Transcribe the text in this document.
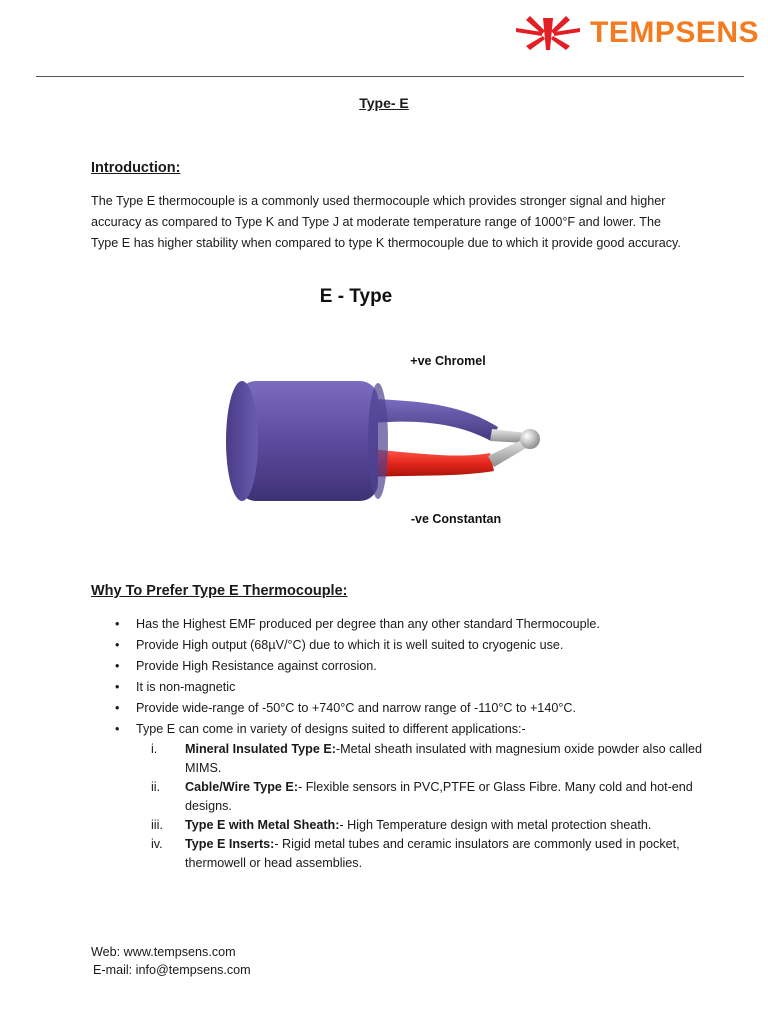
TEMPSENS
Type- E
Introduction:
The Type E thermocouple is a commonly used thermocouple which provides stronger signal and higher accuracy as compared to Type K and Type J at moderate temperature range of 1000°F and lower. The Type E has higher stability when compared to type K thermocouple due to which it provide good accuracy.
E - Type
+ve Chromel
-ve Constantan
Why To Prefer Type E Thermocouple:
• Has the Highest EMF produced per degree than any other standard Thermocouple.
• Provide High output (68µV/°C) due to which it is well suited to cryogenic use.
• Provide High Resistance against corrosion.
• It is non-magnetic
• Provide wide-range of -50°C to +740°C and narrow range of -110°C to +140°C.
• Type E can come in variety of designs suited to different applications:-
i. Mineral Insulated Type E:-Metal sheath insulated with magnesium oxide powder also called MIMS.
ii. Cable/Wire Type E:- Flexible sensors in PVC,PTFE or Glass Fibre. Many cold and hot-end designs.
iii. Type E with Metal Sheath:- High Temperature design with metal protection sheath.
iv. Type E Inserts:- Rigid metal tubes and ceramic insulators are commonly used in pocket, thermowell or head assemblies.
Web: www.tempsens.com
E-mail: info@tempsens.com
